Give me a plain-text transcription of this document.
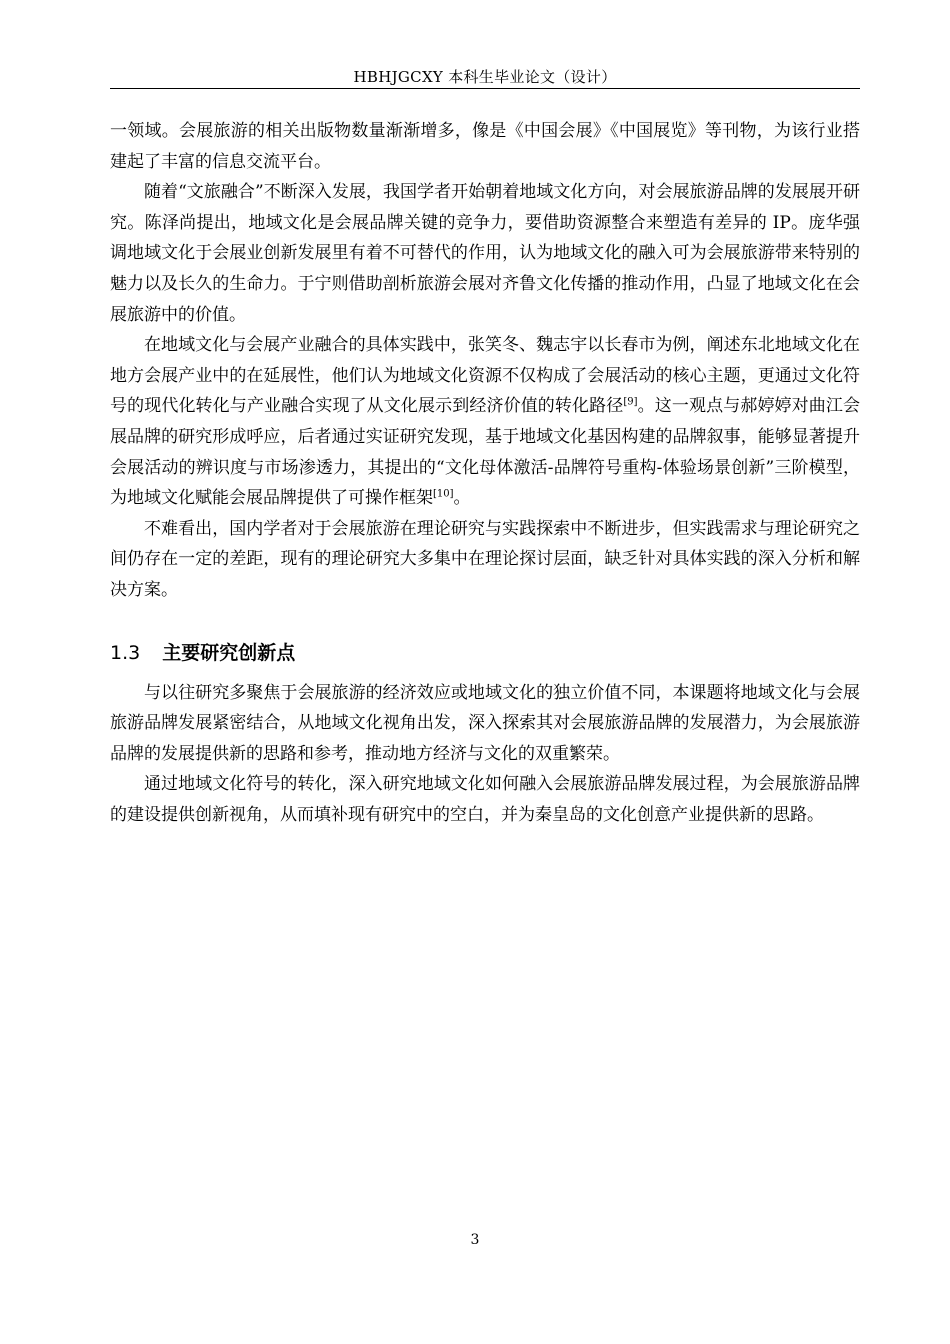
HBHJGCXY 本科生毕业论文（设计）

一领域。会展旅游的相关出版物数量渐渐增多，像是《中国会展》《中国展览》等刊物，为该行业搭建起了丰富的信息交流平台。

随着“文旅融合”不断深入发展，我国学者开始朝着地域文化方向，对会展旅游品牌的发展展开研究。陈泽尚提出，地域文化是会展品牌关键的竞争力，要借助资源整合来塑造有差异的 IP。庞华强调地域文化于会展业创新发展里有着不可替代的作用，认为地域文化的融入可为会展旅游带来特别的魅力以及长久的生命力。于宁则借助剖析旅游会展对齐鲁文化传播的推动作用，凸显了地域文化在会展旅游中的价值。

在地域文化与会展产业融合的具体实践中，张笑冬、魏志宇以长春市为例，阐述东北地域文化在地方会展产业中的在延展性，他们认为地域文化资源不仅构成了会展活动的核心主题，更通过文化符号的现代化转化与产业融合实现了从文化展示到经济价值的转化路径[9]。这一观点与郝婷婷对曲江会展品牌的研究形成呼应，后者通过实证研究发现，基于地域文化基因构建的品牌叙事，能够显著提升会展活动的辨识度与市场渗透力，其提出的“文化母体激活-品牌符号重构-体验场景创新”三阶模型，为地域文化赋能会展品牌提供了可操作框架[10]。

不难看出，国内学者对于会展旅游在理论研究与实践探索中不断进步，但实践需求与理论研究之间仍存在一定的差距，现有的理论研究大多集中在理论探讨层面，缺乏针对具体实践的深入分析和解决方案。

1.3 主要研究创新点

与以往研究多聚焦于会展旅游的经济效应或地域文化的独立价值不同，本课题将地域文化与会展旅游品牌发展紧密结合，从地域文化视角出发，深入探索其对会展旅游品牌的发展潜力，为会展旅游品牌的发展提供新的思路和参考，推动地方经济与文化的双重繁荣。

通过地域文化符号的转化，深入研究地域文化如何融入会展旅游品牌发展过程，为会展旅游品牌的建设提供创新视角，从而填补现有研究中的空白，并为秦皇岛的文化创意产业提供新的思路。

3
